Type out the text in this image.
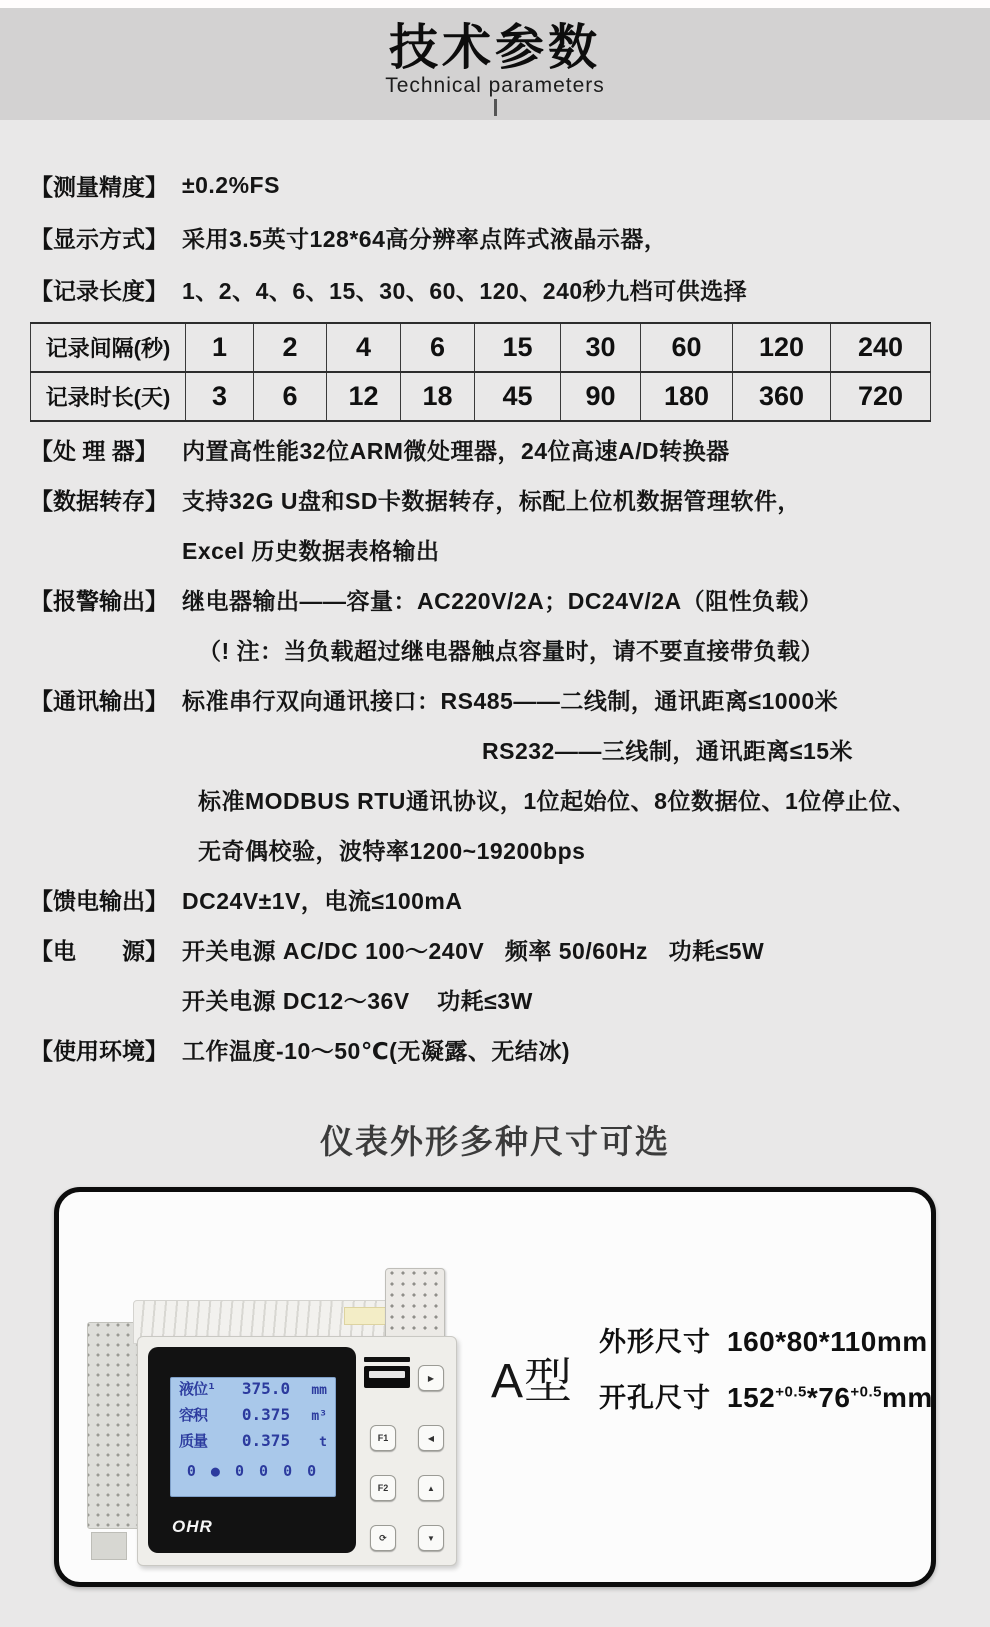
技术参数
Technical parameters
【测量精度】 ±0.2%FS
【显示方式】 采用3.5英寸128*64高分辨率点阵式液晶示器，
【记录长度】 1、2、4、6、15、30、60、120、240秒九档可供选择
记录间隔(秒)	1	2	4	6	15	30	60	120	240
记录时长(天)	3	6	12	18	45	90	180	360	720
【处 理 器】	内置高性能32位ARM微处理器，24位高速A/D转换器
【数据转存】 支持32G U盘和SD卡数据转存，标配上位机数据管理软件，
Excel 历史数据表格输出
【报警输出】 继电器输出——容量：AC220V/2A；DC24V/2A（阻性负载）
（! 注：当负载超过继电器触点容量时，请不要直接带负载）
【通讯输出】 标准串行双向通讯接口：RS485——二线制，通讯距离≤1000米
RS232——三线制，通讯距离≤15米
标准MODBUS RTU通讯协议，1位起始位、8位数据位、1位停止位、
无奇偶校验，波特率1200~19200bps
【馈电输出】 DC24V±1V，电流≤100mA
【电　　源】 开关电源 AC/DC 100～240V   频率 50/60Hz   功耗≤5W
开关电源 DC12～36V    功耗≤3W
【使用环境】 工作温度-10～50℃(无凝露、无结冰)
仪表外形多种尺寸可选
液位¹	375.0	mm
容积	0.375	m³
质量	0.375	t
0 ● 0 0 0 0
OHR
▶
F1	◀
F2	▲
⟳	▼
A型
外形尺寸 160*80*110mm
开孔尺寸 $152^{+0.5}*76^{+0.5}mm$
